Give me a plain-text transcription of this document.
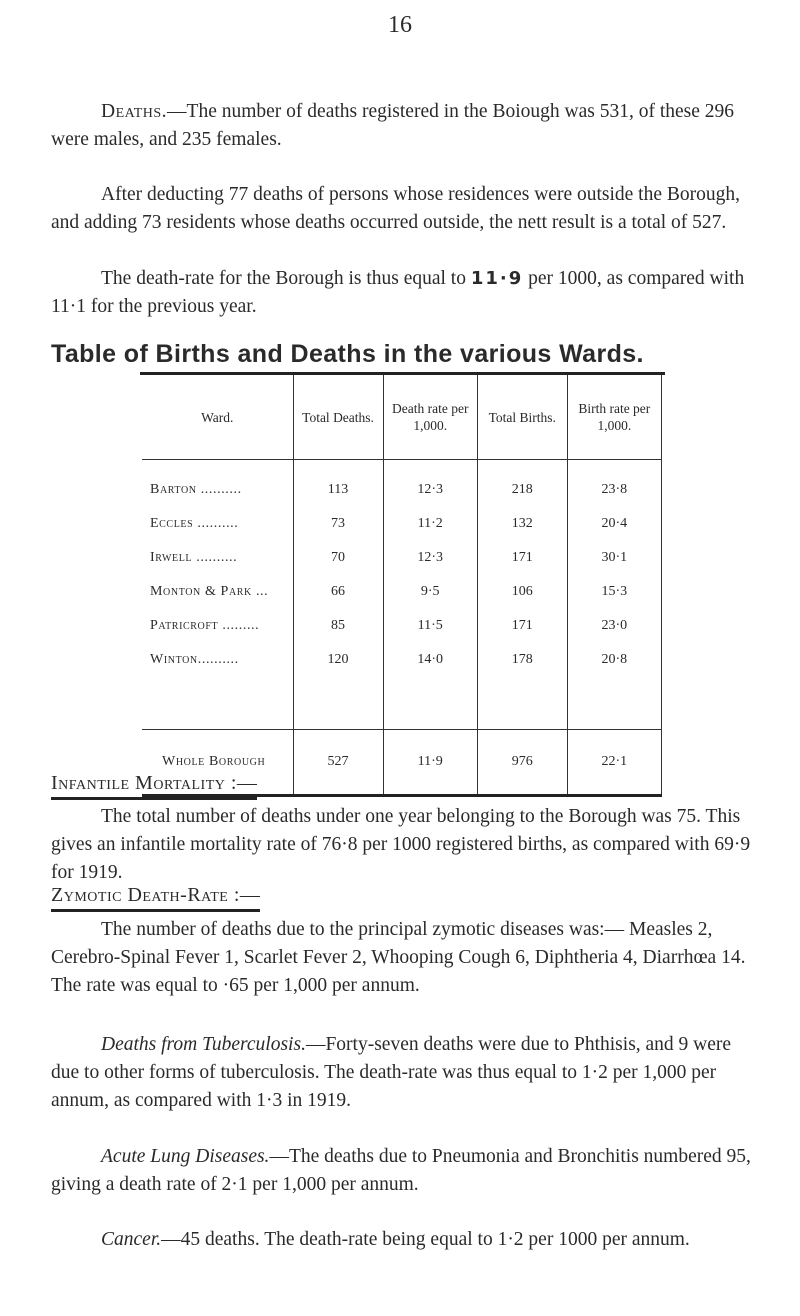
16

Deaths.—The number of deaths registered in the Boiough was 531, of these 296 were males, and 235 females.

After deducting 77 deaths of persons whose residences were outside the Borough, and adding 73 residents whose deaths occurred outside, the nett result is a total of 527.

The death-rate for the Borough is thus equal to 11·9 per 1000, as compared with 11·1 for the previous year.

Table of Births and Deaths in the various Wards.
Ward.	Total Deaths.	Death rate per 1,000.	Total Births.	Birth rate per 1,000.
Barton ..........	113	12·3	218	23·8
Eccles ..........	73	11·2	132	20·4
Irwell ..........	70	12·3	171	30·1
Monton & Park ...	66	9·5	106	15·3
Patricroft .........	85	11·5	171	23·0
Winton..........	120	14·0	178	20·8

Whole Borough	527	11·9	976	22·1

Infantile Mortality :—

The total number of deaths under one year belonging to the Borough was 75. This gives an infantile mortality rate of 76·8 per 1000 registered births, as compared with 69·9 for 1919.

Zymotic Death-Rate :—

The number of deaths due to the principal zymotic diseases was:— Measles 2, Cerebro-Spinal Fever 1, Scarlet Fever 2, Whooping Cough 6, Diphtheria 4, Diarrhœa 14. The rate was equal to ·65 per 1,000 per annum.

Deaths from Tuberculosis.—Forty-seven deaths were due to Phthisis, and 9 were due to other forms of tuberculosis. The death-rate was thus equal to 1·2 per 1,000 per annum, as compared with 1·3 in 1919.

Acute Lung Diseases.—The deaths due to Pneumonia and Bronchitis numbered 95, giving a death rate of 2·1 per 1,000 per annum.

Cancer.—45 deaths. The death-rate being equal to 1·2 per 1000 per annum.
